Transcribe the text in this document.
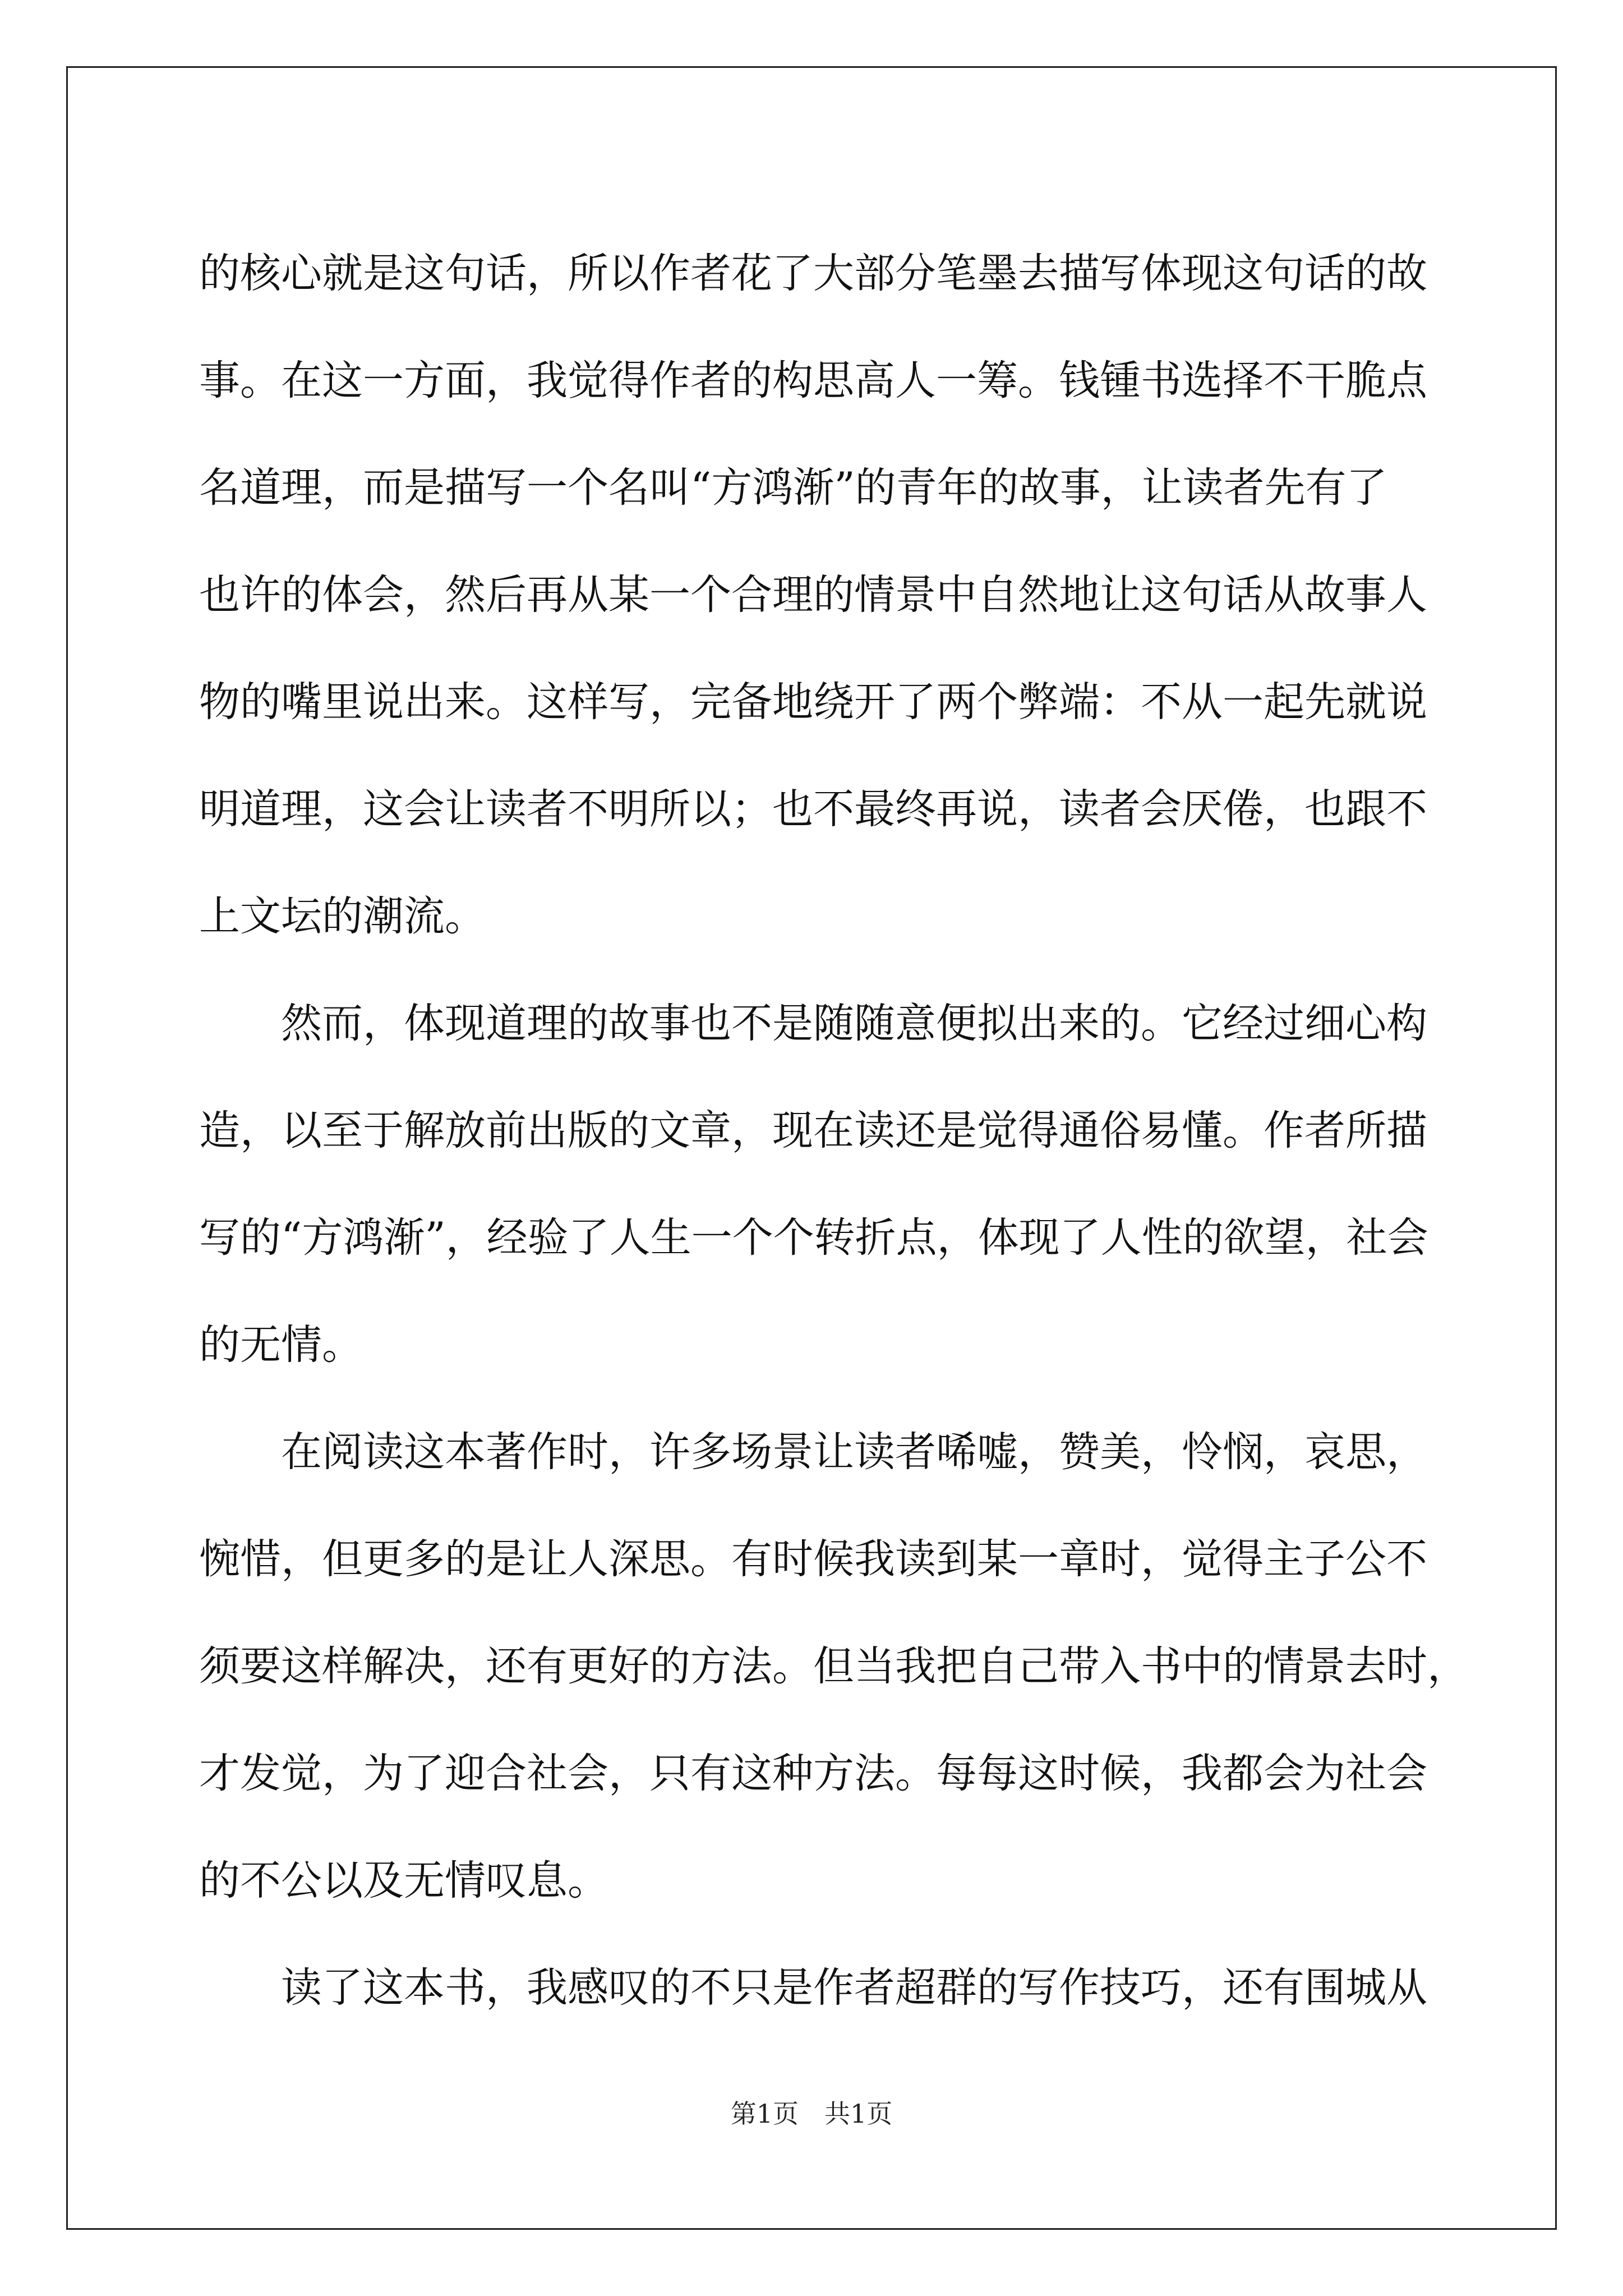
的核心就是这句话，所以作者花了大部分笔墨去描写体现这句话的故
事。在这一方面，我觉得作者的构思高人一筹。钱锺书选择不干脆点
名道理，而是描写一个名叫“方鸿渐”的青年的故事，让读者先有了
也许的体会，然后再从某一个合理的情景中自然地让这句话从故事人
物的嘴里说出来。这样写，完备地绕开了两个弊端：不从一起先就说
明道理，这会让读者不明所以；也不最终再说，读者会厌倦，也跟不
上文坛的潮流。
然而，体现道理的故事也不是随随意便拟出来的。它经过细心构
造，以至于解放前出版的文章，现在读还是觉得通俗易懂。作者所描
写的“方鸿渐”，经验了人生一个个转折点，体现了人性的欲望，社会
的无情。
在阅读这本著作时，许多场景让读者唏嘘，赞美，怜悯，哀思，
惋惜，但更多的是让人深思。有时候我读到某一章时，觉得主子公不
须要这样解决，还有更好的方法。但当我把自己带入书中的情景去时，
才发觉，为了迎合社会，只有这种方法。每每这时候，我都会为社会
的不公以及无情叹息。
读了这本书，我感叹的不只是作者超群的写作技巧，还有围城从
第1页　共1页
